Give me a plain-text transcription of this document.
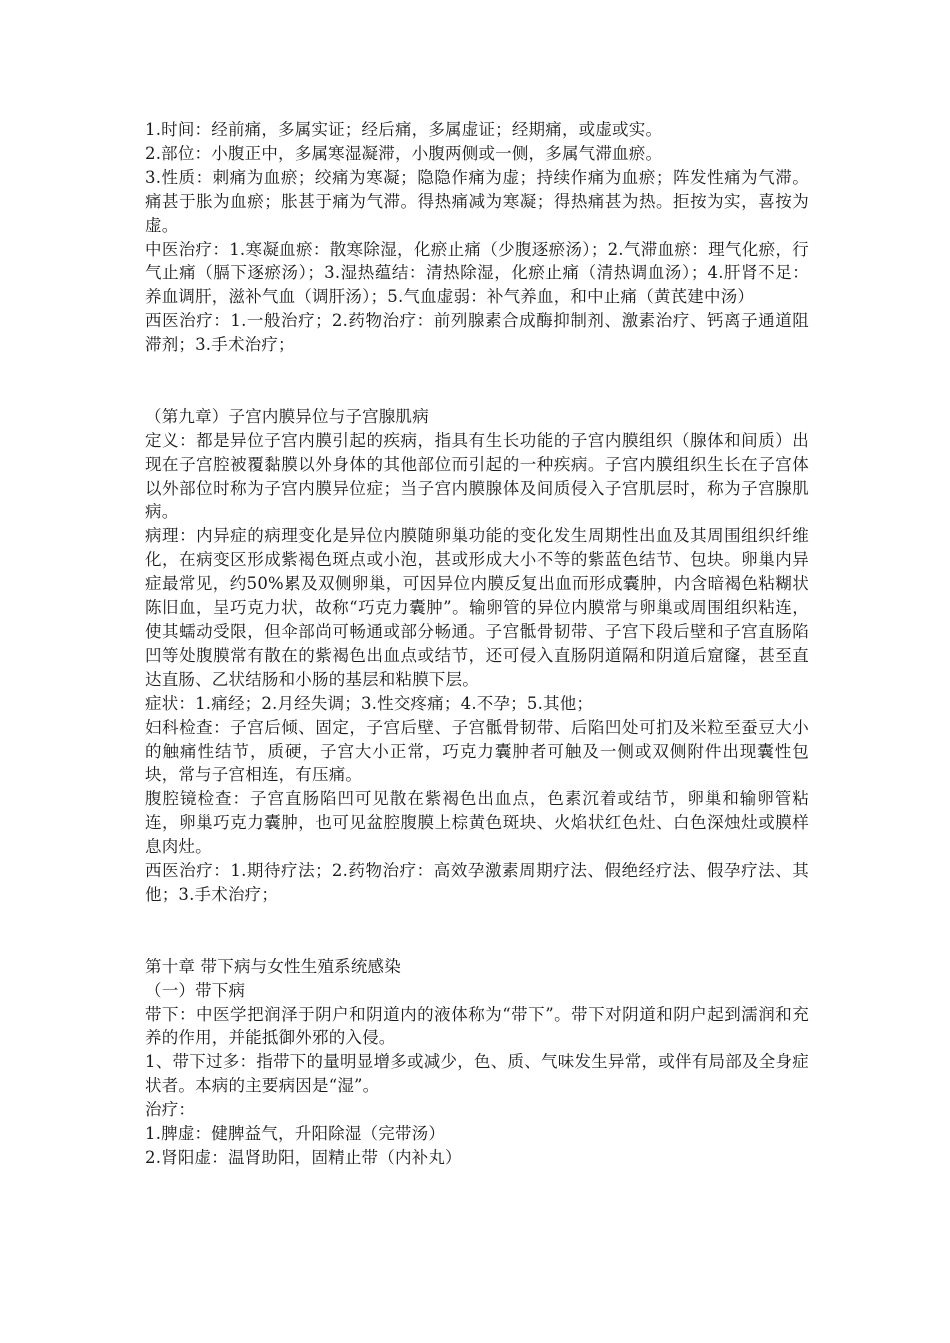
1.时间：经前痛，多属实证；经后痛，多属虚证；经期痛，或虚或实。

2.部位：小腹正中，多属寒湿凝滞，小腹两侧或一侧，多属气滞血瘀。

3.性质：刺痛为血瘀；绞痛为寒凝；隐隐作痛为虚；持续作痛为血瘀；阵发性痛为气滞。痛甚于胀为血瘀；胀甚于痛为气滞。得热痛减为寒凝；得热痛甚为热。拒按为实，喜按为虚。

中医治疗：1.寒凝血瘀：散寒除湿，化瘀止痛（少腹逐瘀汤）；2.气滞血瘀：理气化瘀，行气止痛（膈下逐瘀汤）；3.湿热蕴结：清热除湿，化瘀止痛（清热调血汤）；4.肝肾不足：养血调肝，滋补气血（调肝汤）；5.气血虚弱：补气养血，和中止痛（黄芪建中汤）

西医治疗：1.一般治疗；2.药物治疗：前列腺素合成酶抑制剂、激素治疗、钙离子通道阻滞剂；3.手术治疗；

（第九章）子宫内膜异位与子宫腺肌病

定义：都是异位子宫内膜引起的疾病，指具有生长功能的子宫内膜组织（腺体和间质）出现在子宫腔被覆黏膜以外身体的其他部位而引起的一种疾病。子宫内膜组织生长在子宫体以外部位时称为子宫内膜异位症；当子宫内膜腺体及间质侵入子宫肌层时，称为子宫腺肌病。

病理：内异症的病理变化是异位内膜随卵巢功能的变化发生周期性出血及其周围组织纤维化，在病变区形成紫褐色斑点或小泡，甚或形成大小不等的紫蓝色结节、包块。卵巢内异症最常见，约50%累及双侧卵巢，可因异位内膜反复出血而形成囊肿，内含暗褐色粘糊状陈旧血，呈巧克力状，故称“巧克力囊肿”。输卵管的异位内膜常与卵巢或周围组织粘连，使其蠕动受限，但伞部尚可畅通或部分畅通。子宫骶骨韧带、子宫下段后壁和子宫直肠陷凹等处腹膜常有散在的紫褐色出血点或结节，还可侵入直肠阴道隔和阴道后窟窿，甚至直达直肠、乙状结肠和小肠的基层和粘膜下层。

症状：1.痛经；2.月经失调；3.性交疼痛；4.不孕；5.其他；

妇科检查：子宫后倾、固定，子宫后壁、子宫骶骨韧带、后陷凹处可扪及米粒至蚕豆大小的触痛性结节，质硬，子宫大小正常，巧克力囊肿者可触及一侧或双侧附件出现囊性包块，常与子宫相连，有压痛。

腹腔镜检查：子宫直肠陷凹可见散在紫褐色出血点，色素沉着或结节，卵巢和输卵管粘连，卵巢巧克力囊肿，也可见盆腔腹膜上棕黄色斑块、火焰状红色灶、白色深烛灶或膜样息肉灶。

西医治疗：1.期待疗法；2.药物治疗：高效孕激素周期疗法、假绝经疗法、假孕疗法、其他；3.手术治疗；

第十章 带下病与女性生殖系统感染

（一）带下病

带下：中医学把润泽于阴户和阴道内的液体称为“带下”。带下对阴道和阴户起到濡润和充养的作用，并能抵御外邪的入侵。

1、带下过多：指带下的量明显增多或减少，色、质、气味发生异常，或伴有局部及全身症状者。本病的主要病因是“湿”。

治疗：

1.脾虚：健脾益气，升阳除湿（完带汤）

2.肾阳虚：温肾助阳，固精止带（内补丸）
